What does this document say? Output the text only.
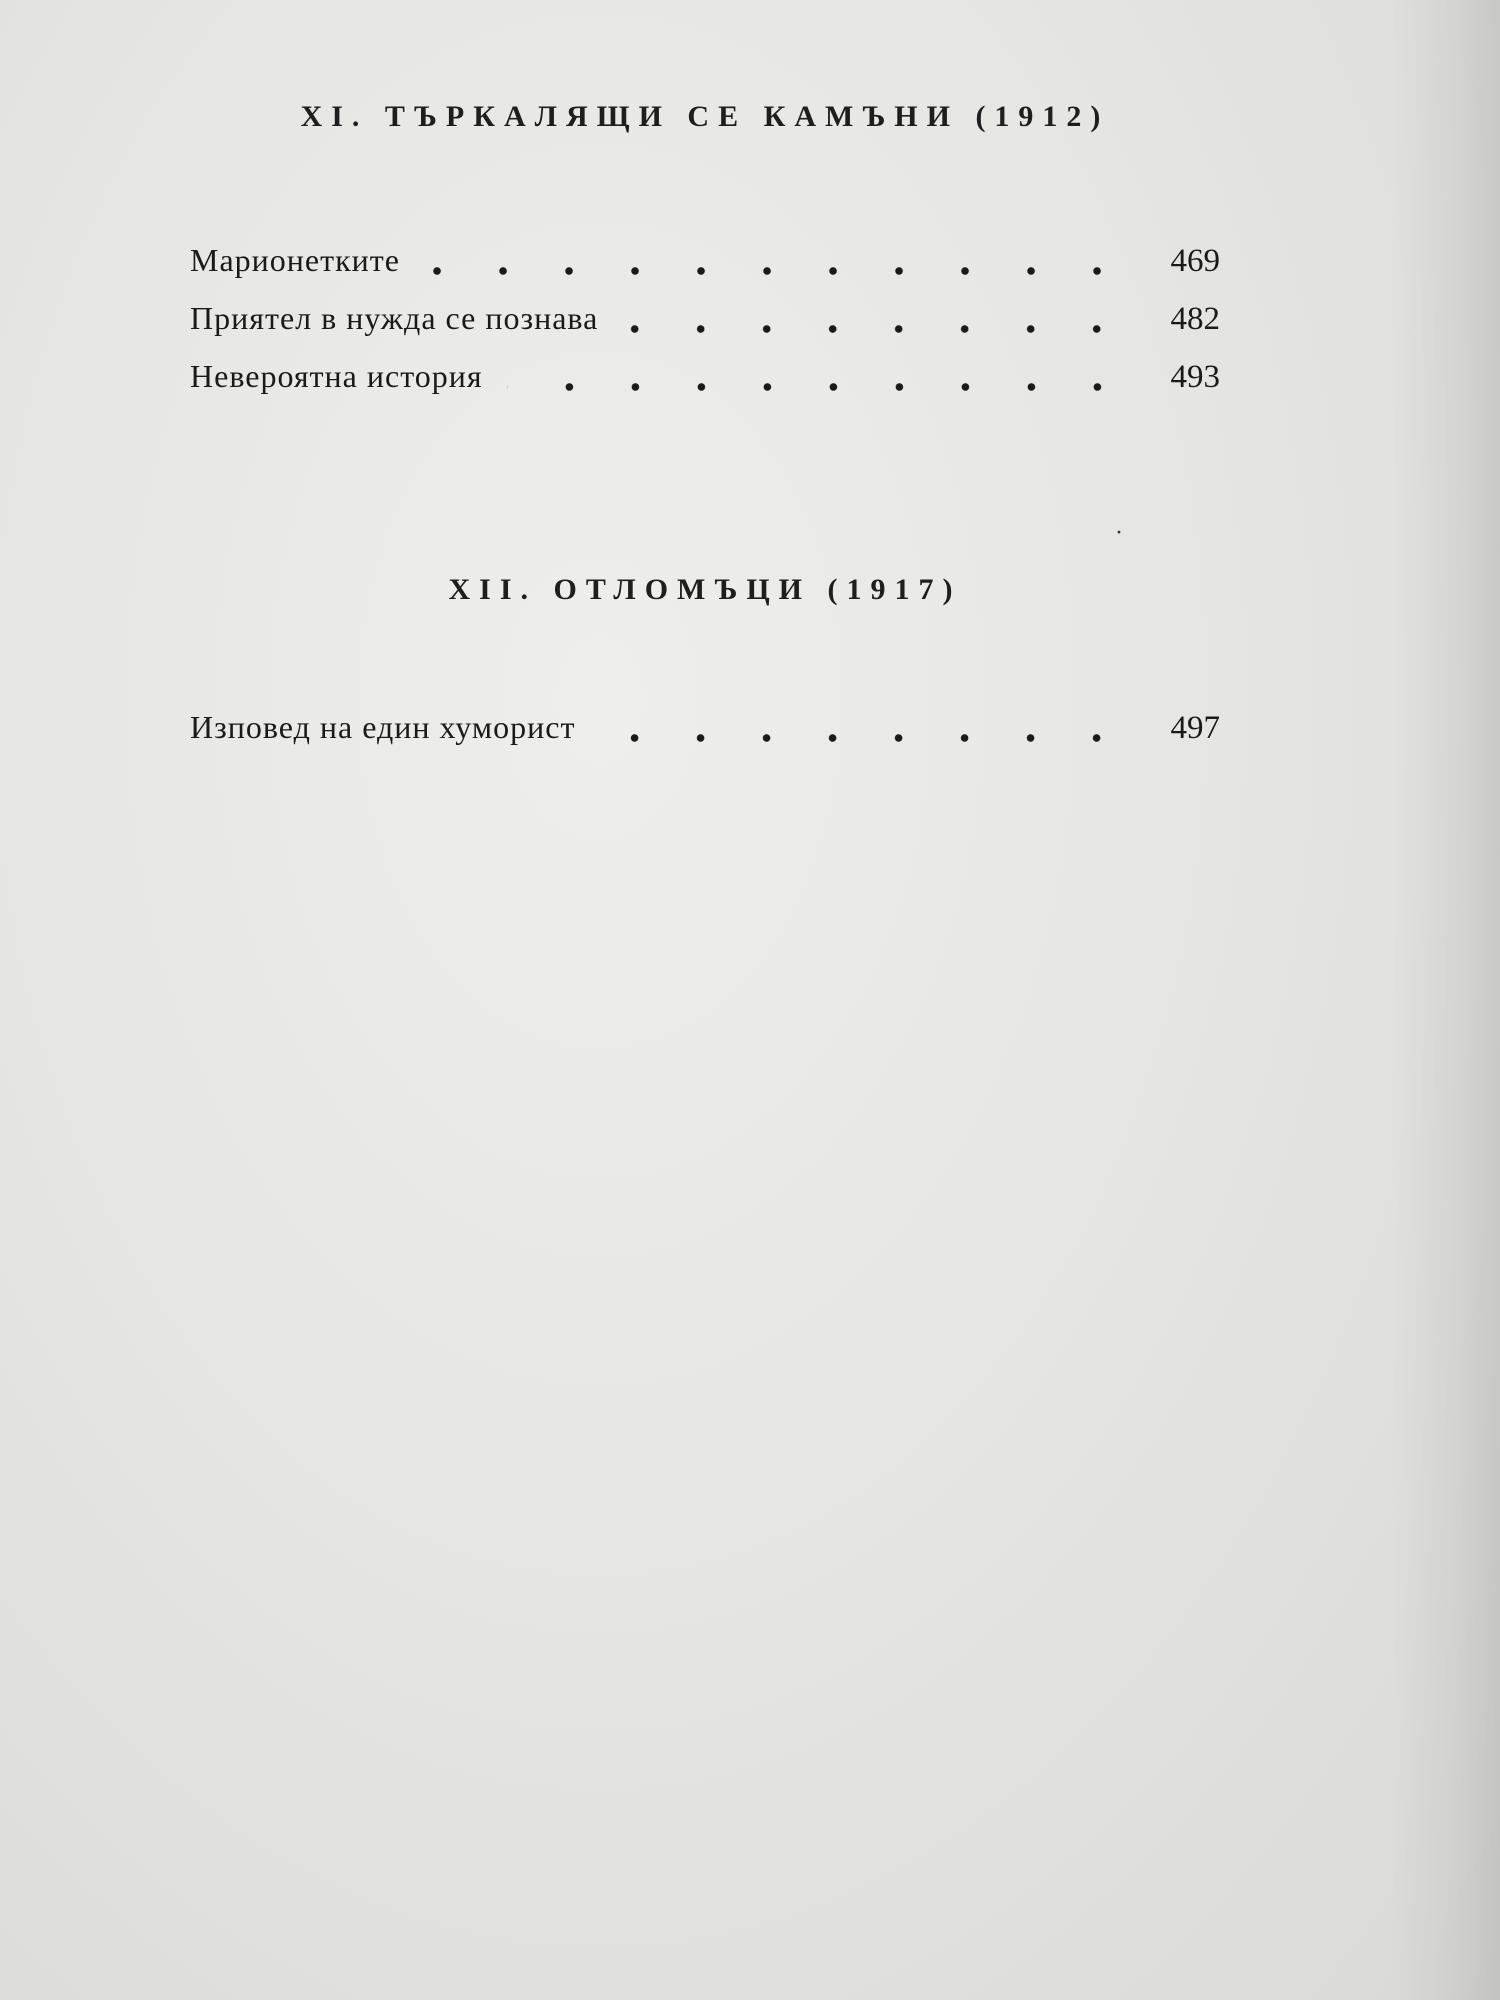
XI. ТЪРКАЛЯЩИ СЕ КАМЪНИ (1912)
Марионетките	469
Приятел в нужда се познава	482
Невероятна история	493
·
XII. ОТЛОМЪЦИ (1917)
Изповед на един хуморист	497
